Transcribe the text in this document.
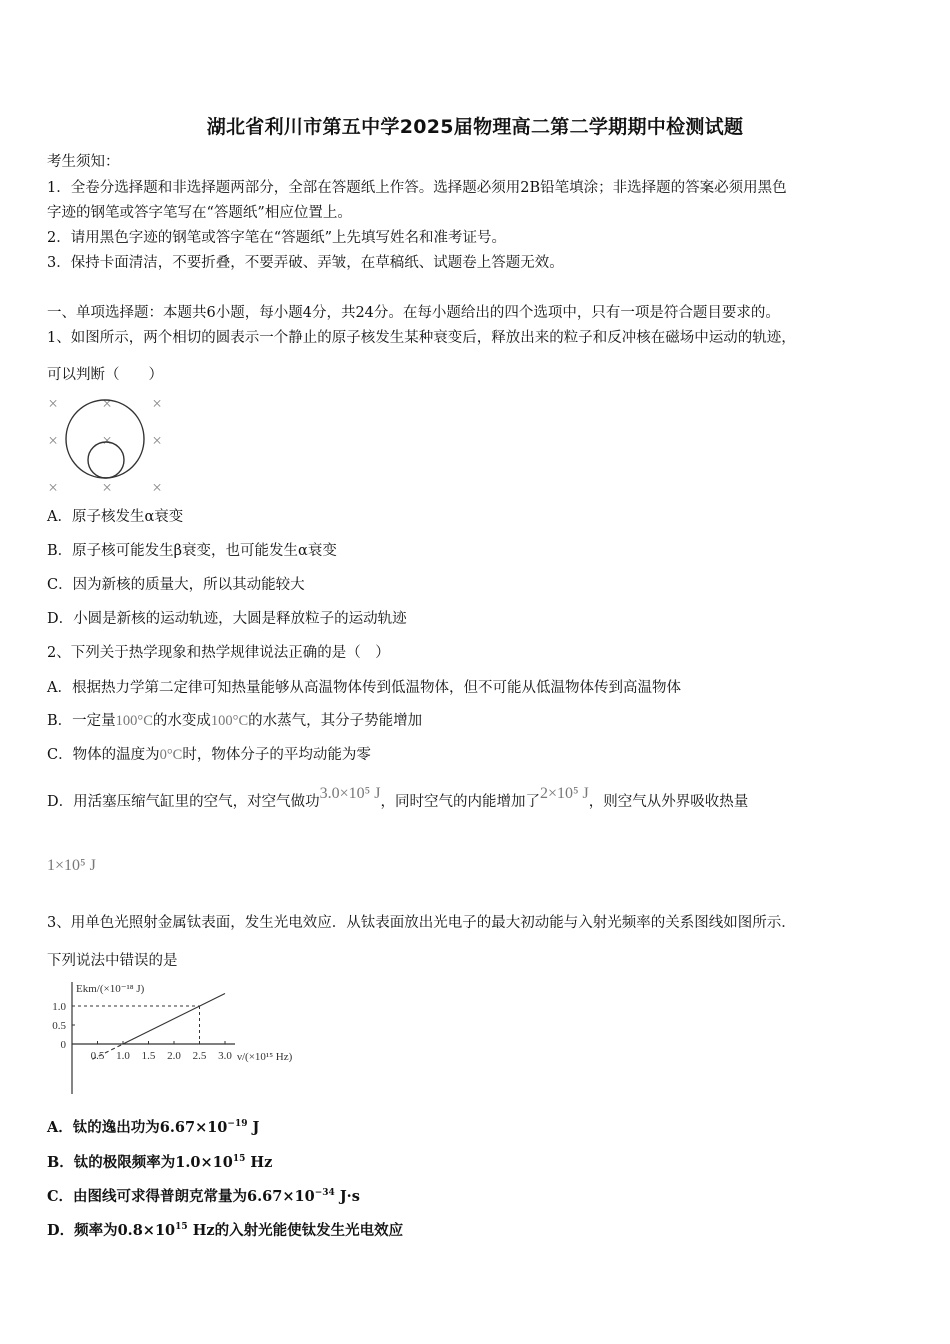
湖北省利川市第五中学2025届物理高二第二学期期中检测试题
考生须知：
1．全卷分选择题和非选择题两部分，全部在答题纸上作答。选择题必须用2B铅笔填涂；非选择题的答案必须用黑色
字迹的钢笔或答字笔写在“答题纸”相应位置上。
2．请用黑色字迹的钢笔或答字笔在“答题纸”上先填写姓名和准考证号。
3．保持卡面清洁，不要折叠，不要弄破、弄皱，在草稿纸、试题卷上答题无效。
一、单项选择题：本题共6小题，每小题4分，共24分。在每小题给出的四个选项中，只有一项是符合题目要求的。
1、如图所示，两个相切的圆表示一个静止的原子核发生某种衰变后，释放出来的粒子和反冲核在磁场中运动的轨迹，
可以判断（　　）
×	× ×
×	× ×
×	× ×
A．原子核发生α衰变
B．原子核可能发生β衰变，也可能发生α衰变
C．因为新核的质量大，所以其动能较大
D．小圆是新核的运动轨迹，大圆是释放粒子的运动轨迹
2、下列关于热学现象和热学规律说法正确的是（　）
A．根据热力学第二定律可知热量能够从高温物体传到低温物体，但不可能从低温物体传到高温物体
B．一定量100°C的水变成100°C的水蒸气，其分子势能增加
C．物体的温度为0°C时，物体分子的平均动能为零
D．用活塞压缩气缸里的空气，对空气做功3.0×10⁵ J，同时空气的内能增加了2×10⁵ J，则空气从外界吸收热量
1×10⁵ J
3、用单色光照射金属钛表面，发生光电效应．从钛表面放出光电子的最大初动能与入射光频率的关系图线如图所示．
下列说法中错误的是
Ekm/(×10⁻¹⁸ J)
ν/(×10¹⁵ Hz)
1.0
0.5
0
0.5 1.0 1.5 2.0 2.5 3.0
A．钛的逸出功为$6.67\times 10^{-19}$ J
B．钛的极限频率为$1.0\times 10^{15}$ Hz
C．由图线可求得普朗克常量为$6.67\times 10^{-34}$ J·s
D．频率为$0.8\times 10^{15}$ Hz的入射光能使钛发生光电效应
